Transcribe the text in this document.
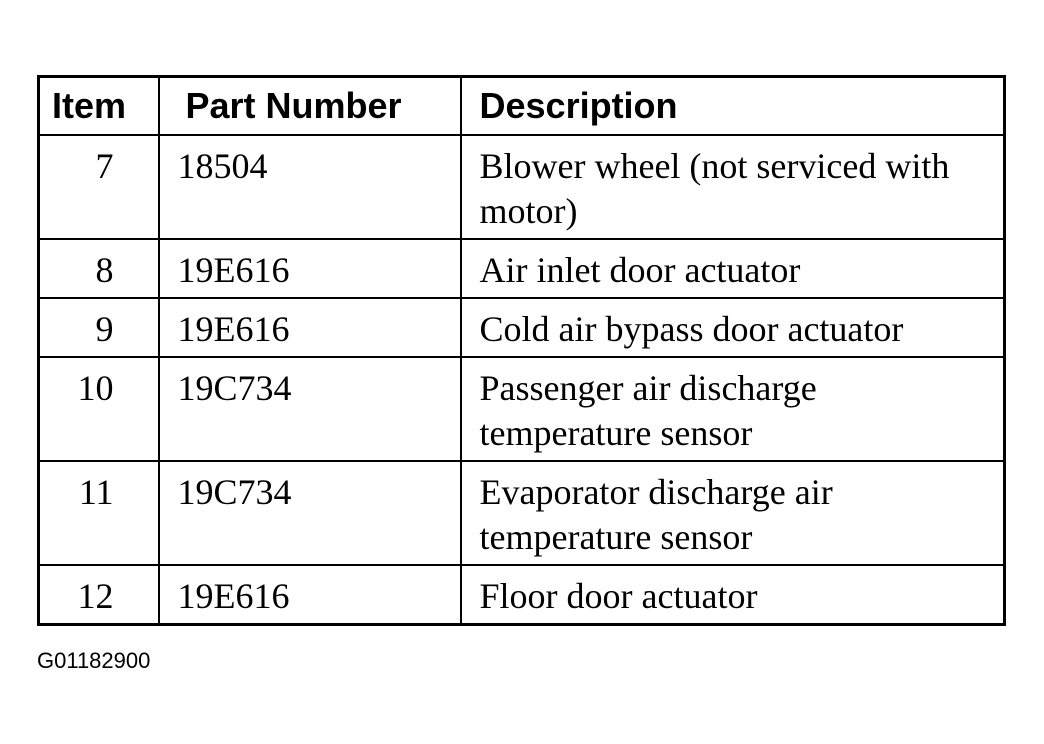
Item	Part Number	Description
7	18504	Blower wheel (not serviced with motor)
8	19E616	Air inlet door actuator
9	19E616	Cold air bypass door actuator
10	19C734	Passenger air discharge temperature sensor
11	19C734	Evaporator discharge air temperature sensor
12	19E616	Floor door actuator
G01182900
